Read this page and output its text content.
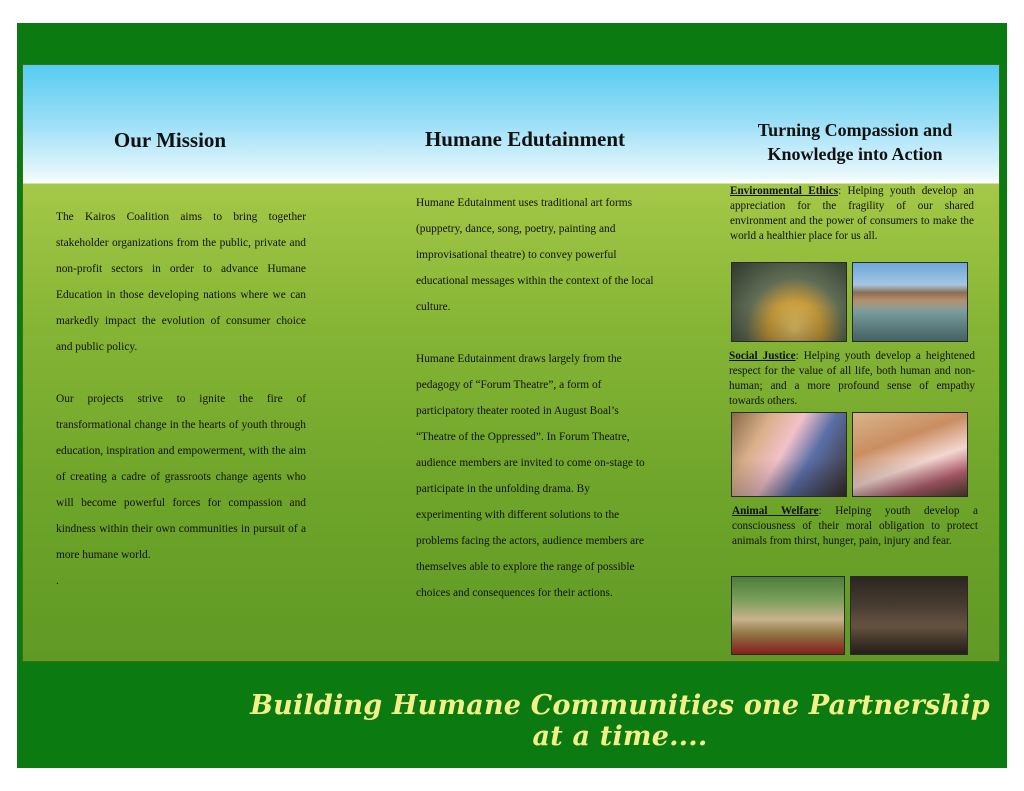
Our Mission	Humane Edutainment	Turning Compassion and
Knowledge into Action

The Kairos Coalition aims to bring together stakeholder organizations from the public, private and non-profit sectors in order to advance Humane Education in those developing nations where we can markedly impact the evolution of consumer choice and public policy.

Our projects strive to ignite the fire of transformational change in the hearts of youth through education, inspiration and empowerment, with the aim of creating a cadre of grassroots change agents who will become powerful forces for compassion and kindness within their own communities in pursuit of a more humane world.

.

Humane Edutainment uses traditional art forms (puppetry, dance, song, poetry, painting and improvisational theatre) to convey powerful educational messages within the context of the local culture.

Humane Edutainment draws largely from the pedagogy of “Forum Theatre”, a form of participatory theater rooted in August Boal’s “Theatre of the Oppressed”. In Forum Theatre, audience members are invited to come on-stage to participate in the unfolding drama. By experimenting with different solutions to the problems facing the actors, audience members are themselves able to explore the range of possible choices and consequences for their actions.

Environmental Ethics: Helping youth develop an appreciation for the fragility of our shared environment and the power of consumers to make the world a healthier place for us all.

Social Justice: Helping youth develop a heightened respect for the value of all life, both human and non-human; and a more profound sense of empathy towards others.

Animal Welfare: Helping youth develop a consciousness of their moral obligation to protect animals from thirst, hunger, pain, injury and fear.

Building Humane Communities one Partnership at a time....
